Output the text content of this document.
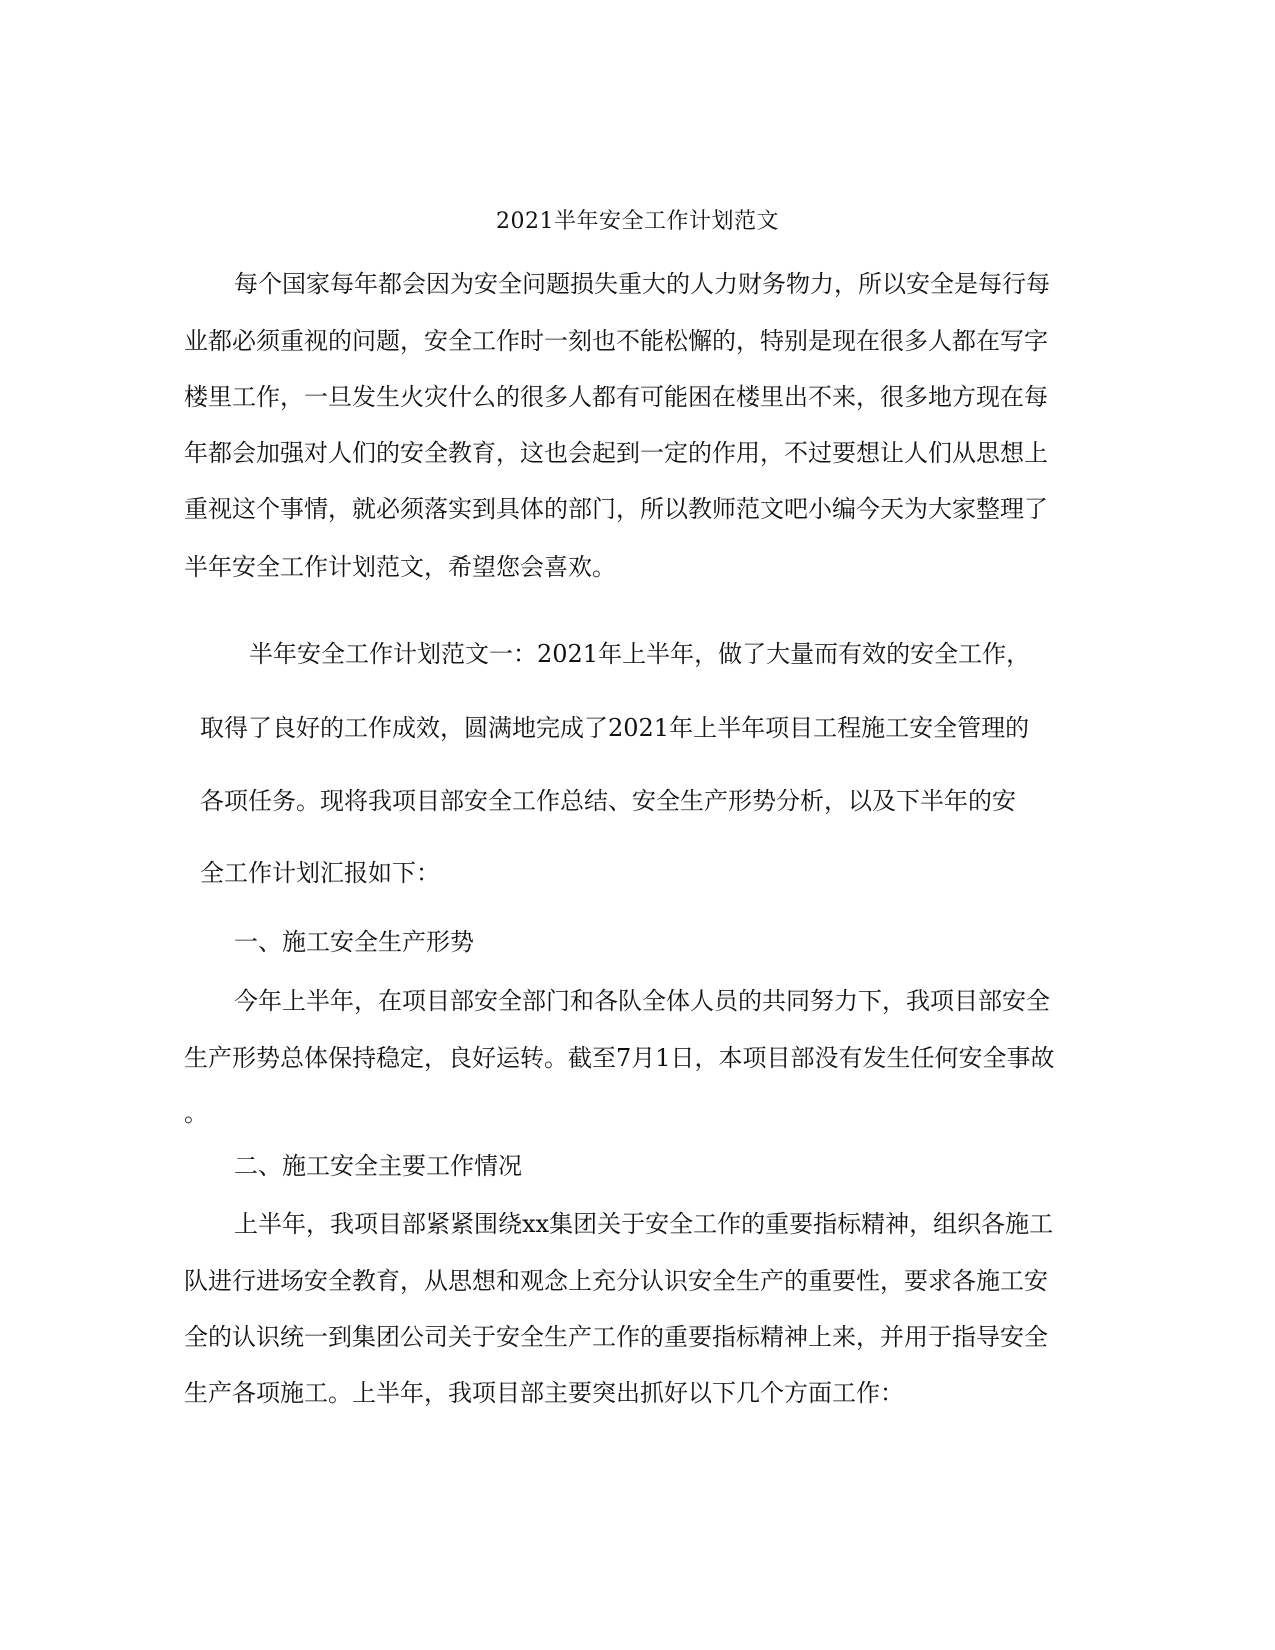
2021半年安全工作计划范文
每个国家每年都会因为安全问题损失重大的人力财务物力，所以安全是每行每
业都必须重视的问题，安全工作时一刻也不能松懈的，特别是现在很多人都在写字
楼里工作，一旦发生火灾什么的很多人都有可能困在楼里出不来，很多地方现在每
年都会加强对人们的安全教育，这也会起到一定的作用，不过要想让人们从思想上
重视这个事情，就必须落实到具体的部门，所以教师范文吧小编今天为大家整理了
半年安全工作计划范文，希望您会喜欢。
半年安全工作计划范文一：2021年上半年，做了大量而有效的安全工作，
取得了良好的工作成效，圆满地完成了2021年上半年项目工程施工安全管理的
各项任务。现将我项目部安全工作总结、安全生产形势分析，以及下半年的安
全工作计划汇报如下：
一、施工安全生产形势
今年上半年，在项目部安全部门和各队全体人员的共同努力下，我项目部安全
生产形势总体保持稳定，良好运转。截至7月1日，本项目部没有发生任何安全事故
。
二、施工安全主要工作情况
上半年，我项目部紧紧围绕xx集团关于安全工作的重要指标精神，组织各施工
队进行进场安全教育，从思想和观念上充分认识安全生产的重要性，要求各施工安
全的认识统一到集团公司关于安全生产工作的重要指标精神上来，并用于指导安全
生产各项施工。上半年，我项目部主要突出抓好以下几个方面工作：
